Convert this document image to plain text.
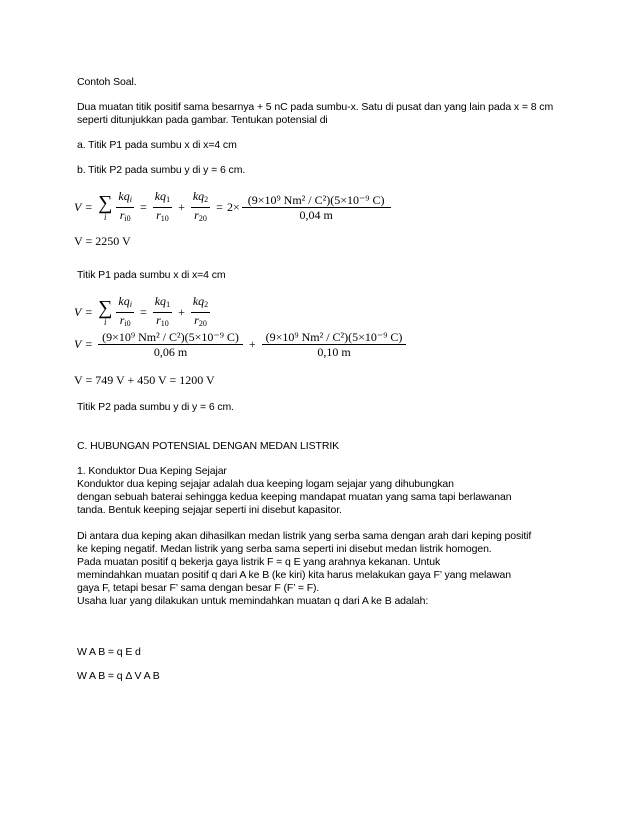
Contoh Soal.
Dua muatan titik positif sama besarnya + 5 nC pada sumbu-x. Satu di pusat dan yang lain pada x = 8 cm
seperti ditunjukkan pada gambar. Tentukan potensial di
a. Titik P1 pada sumbu x di x=4 cm
b. Titik P2 pada sumbu y di y = 6 cm.
V = ∑
i $\frac{kq_i}{r_{i0}} = \frac{kq_1}{r_{10}} + \frac{kq_2}{r_{20}} = 2\times \frac{\text{(9×10⁹ Nm² / C²)(5×10⁻⁹ C)}}{0,04 m}$
V = 2250 V
Titik P1 pada sumbu x di x=4 cm
V = ∑
i $\frac{kq_i}{r_{i0}} = \frac{kq_1}{r_{10}} + \frac{kq_2}{r_{20}}$
$V = \frac{\text{(9×10⁹ Nm² / C²)(5×10⁻⁹ C)}}{0,06 m} + \frac{\text{(9×10⁹ Nm² / C²)(5×10⁻⁹ C)}}{0,10 m}$
V = 749 V + 450 V = 1200 V
Titik P2 pada sumbu y di y = 6 cm.
C. HUBUNGAN POTENSIAL DENGAN MEDAN LISTRIK
1. Konduktor Dua Keping Sejajar
Konduktor dua keping sejajar adalah dua keeping logam sejajar yang dihubungkan
dengan sebuah baterai sehingga kedua keeping mandapat muatan yang sama tapi berlawanan
tanda. Bentuk keeping sejajar seperti ini disebut kapasitor.
Di antara dua keping akan dihasilkan medan listrik yang serba sama dengan arah dari keping positif
ke keping negatif. Medan listrik yang serba sama seperti ini disebut medan listrik homogen.
Pada muatan positif q bekerja gaya listrik F = q E yang arahnya kekanan. Untuk
memindahkan muatan positif q dari A ke B (ke kiri) kita harus melakukan gaya F’ yang melawan
gaya F, tetapi besar F’ sama dengan besar F (F’ = F).
Usaha luar yang dilakukan untuk memindahkan muatan q dari A ke B adalah:
W A B = q E d
W A B = q Δ V A B
